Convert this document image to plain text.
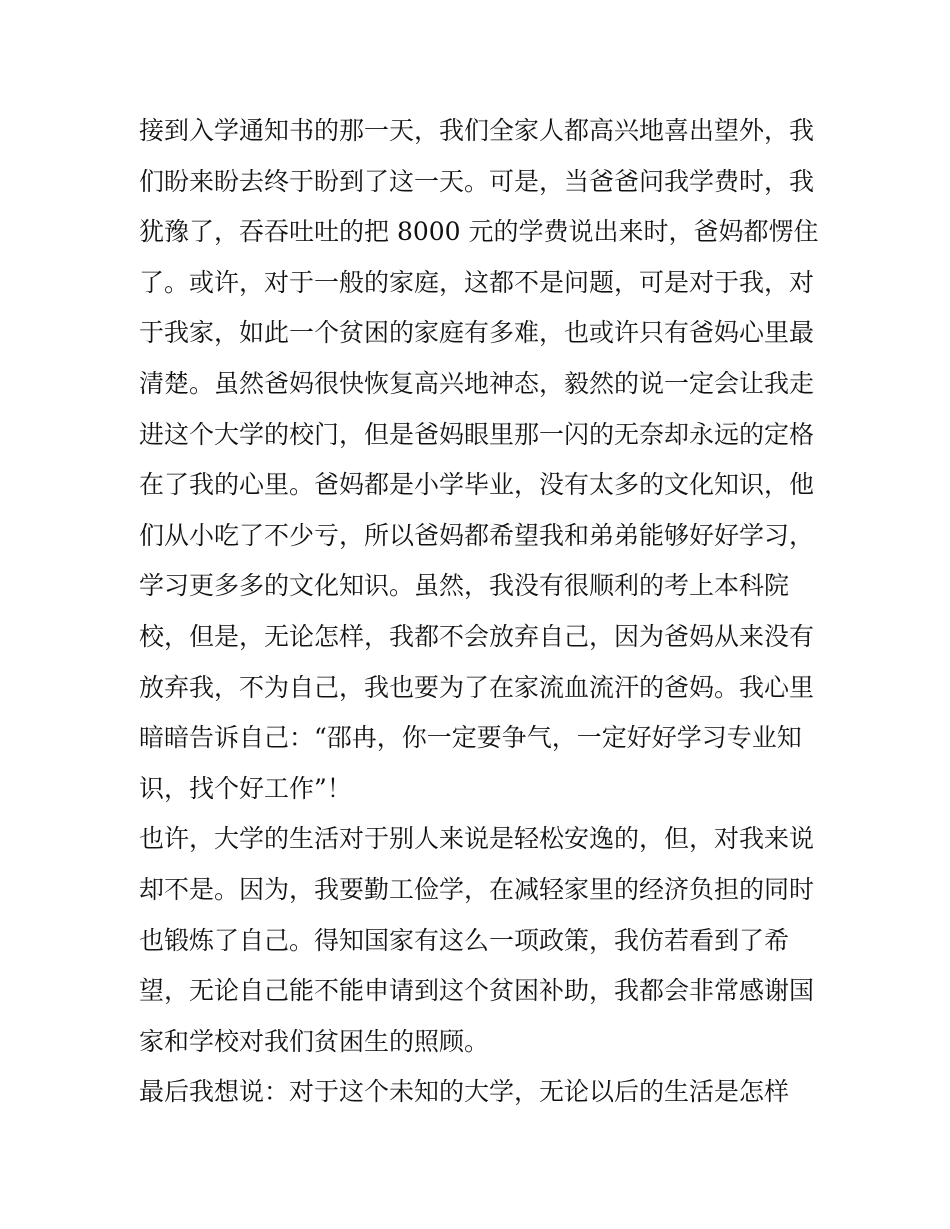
接到入学通知书的那一天，我们全家人都高兴地喜出望外，我
们盼来盼去终于盼到了这一天。可是，当爸爸问我学费时，我
犹豫了，吞吞吐吐的把 8000 元的学费说出来时，爸妈都愣住
了。或许，对于一般的家庭，这都不是问题，可是对于我，对
于我家，如此一个贫困的家庭有多难，也或许只有爸妈心里最
清楚。虽然爸妈很快恢复高兴地神态，毅然的说一定会让我走
进这个大学的校门，但是爸妈眼里那一闪的无奈却永远的定格
在了我的心里。爸妈都是小学毕业，没有太多的文化知识，他
们从小吃了不少亏，所以爸妈都希望我和弟弟能够好好学习，
学习更多多的文化知识。虽然，我没有很顺利的考上本科院
校，但是，无论怎样，我都不会放弃自己，因为爸妈从来没有
放弃我，不为自己，我也要为了在家流血流汗的爸妈。我心里
暗暗告诉自己：“邵冉，你一定要争气，一定好好学习专业知
识，找个好工作”！
也许，大学的生活对于别人来说是轻松安逸的，但，对我来说
却不是。因为，我要勤工俭学，在减轻家里的经济负担的同时
也锻炼了自己。得知国家有这么一项政策，我仿若看到了希
望，无论自己能不能申请到这个贫困补助，我都会非常感谢国
家和学校对我们贫困生的照顾。
最后我想说：对于这个未知的大学，无论以后的生活是怎样
